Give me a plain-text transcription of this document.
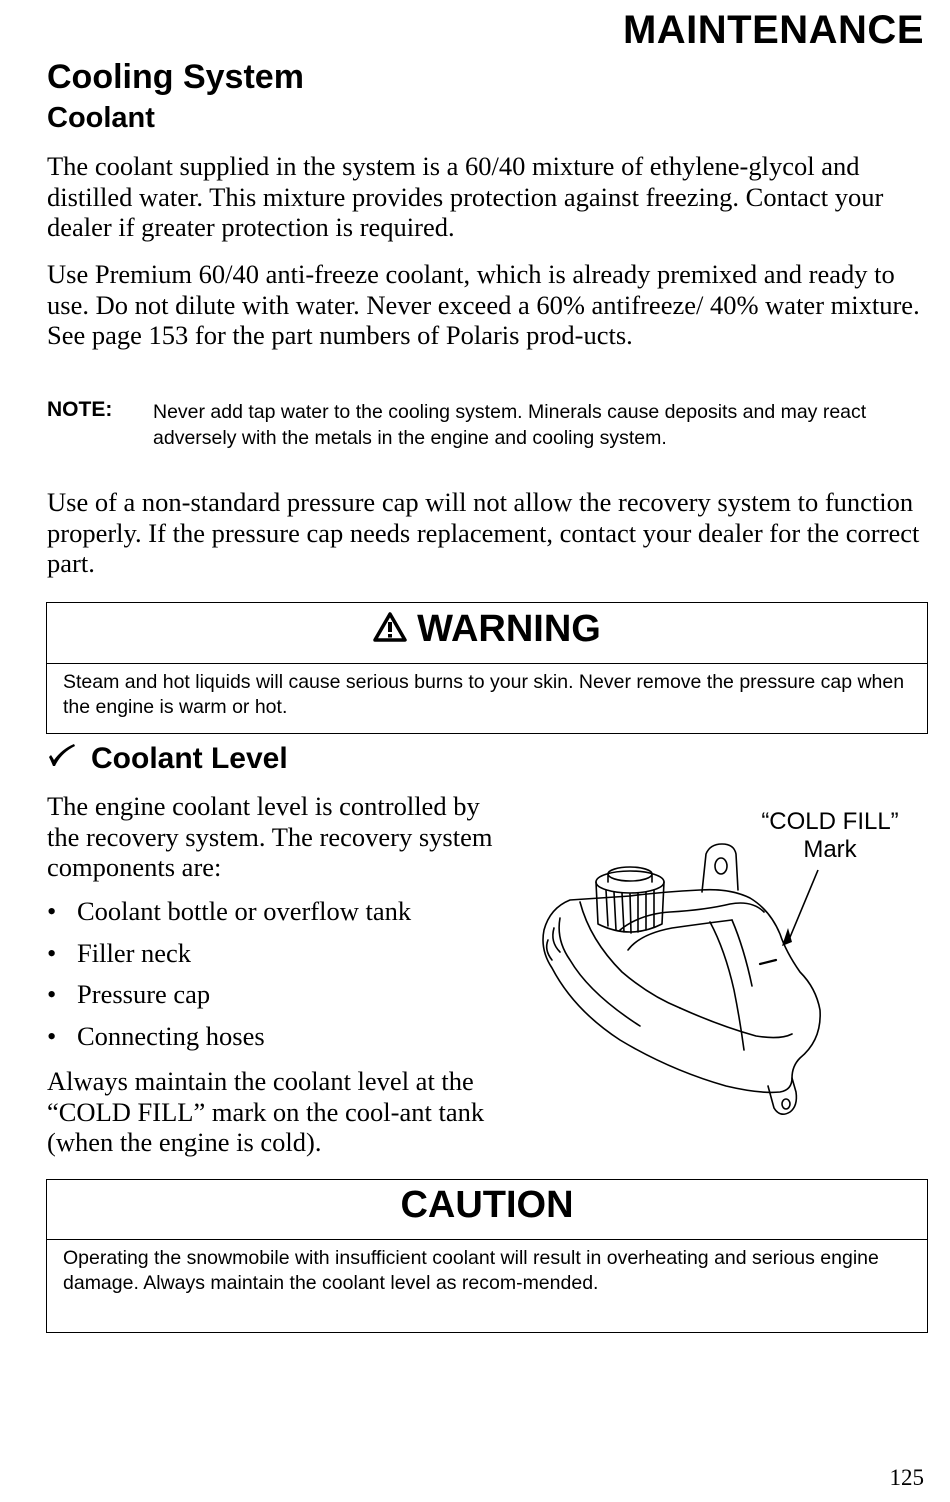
MAINTENANCE
Cooling System
Coolant
The coolant supplied in the system is a 60/40 mixture of ethylene-glycol and distilled water. This mixture provides protection against freezing. Contact your dealer if greater protection is required.
Use Premium 60/40 anti-freeze coolant, which is already premixed and ready to use. Do not dilute with water. Never exceed a 60% antifreeze/ 40% water mixture. See page 153 for the part numbers of Polaris prod-ucts.
NOTE: Never add tap water to the cooling system. Minerals cause deposits and may react adversely with the metals in the engine and cooling system.
Use of a non-standard pressure cap will not allow the recovery system to function properly. If the pressure cap needs replacement, contact your dealer for the correct part.
WARNING
Steam and hot liquids will cause serious burns to your skin. Never remove the pressure cap when the engine is warm or hot.
Coolant Level
The engine coolant level is controlled by the recovery system. The recovery system components are:
• Coolant bottle or overflow tank
• Filler neck
• Pressure cap
• Connecting hoses
Always maintain the coolant level at the “COLD FILL” mark on the cool-ant tank (when the engine is cold).
“COLD FILL”
Mark
CAUTION
Operating the snowmobile with insufficient coolant will result in overheating and serious engine damage. Always maintain the coolant level as recom-mended.
125
